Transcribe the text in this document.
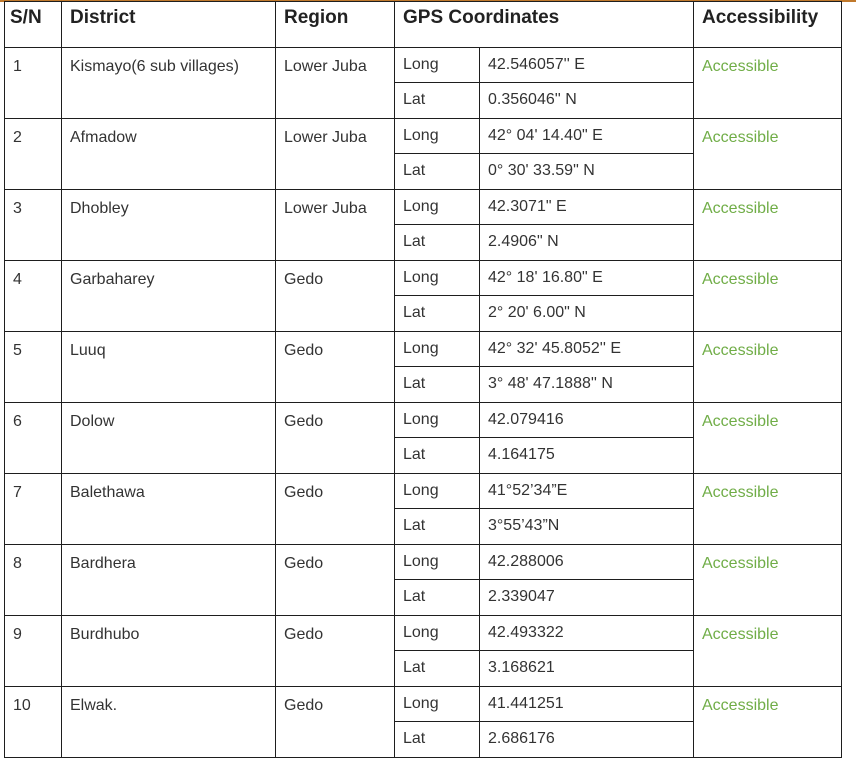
S/N	District	Region	GPS Coordinates		Accessibility
1	Kismayo(6 sub villages)	Lower Juba	Long	42.546057'' E	Accessible
			Lat	0.356046'' N	
2	Afmadow	Lower Juba	Long	42° 04' 14.40" E	Accessible
			Lat	0° 30' 33.59" N	
3	Dhobley	Lower Juba	Long	42.3071" E	Accessible
			Lat	2.4906" N	
4	Garbaharey	Gedo	Long	42° 18' 16.80" E	Accessible
			Lat	2° 20' 6.00" N	
5	Luuq	Gedo	Long	42° 32' 45.8052'' E	Accessible
			Lat	3° 48' 47.1888'' N	
6	Dolow	Gedo	Long	42.079416	Accessible
			Lat	4.164175	
7	Balethawa	Gedo	Long	41°52’34”E	Accessible
			Lat	3°55’43”N	
8	Bardhera	Gedo	Long	42.288006	Accessible
			Lat	2.339047	
9	Burdhubo	Gedo	Long	42.493322	Accessible
			Lat	3.168621	
10	Elwak.	Gedo	Long	41.441251	Accessible
			Lat	2.686176	
